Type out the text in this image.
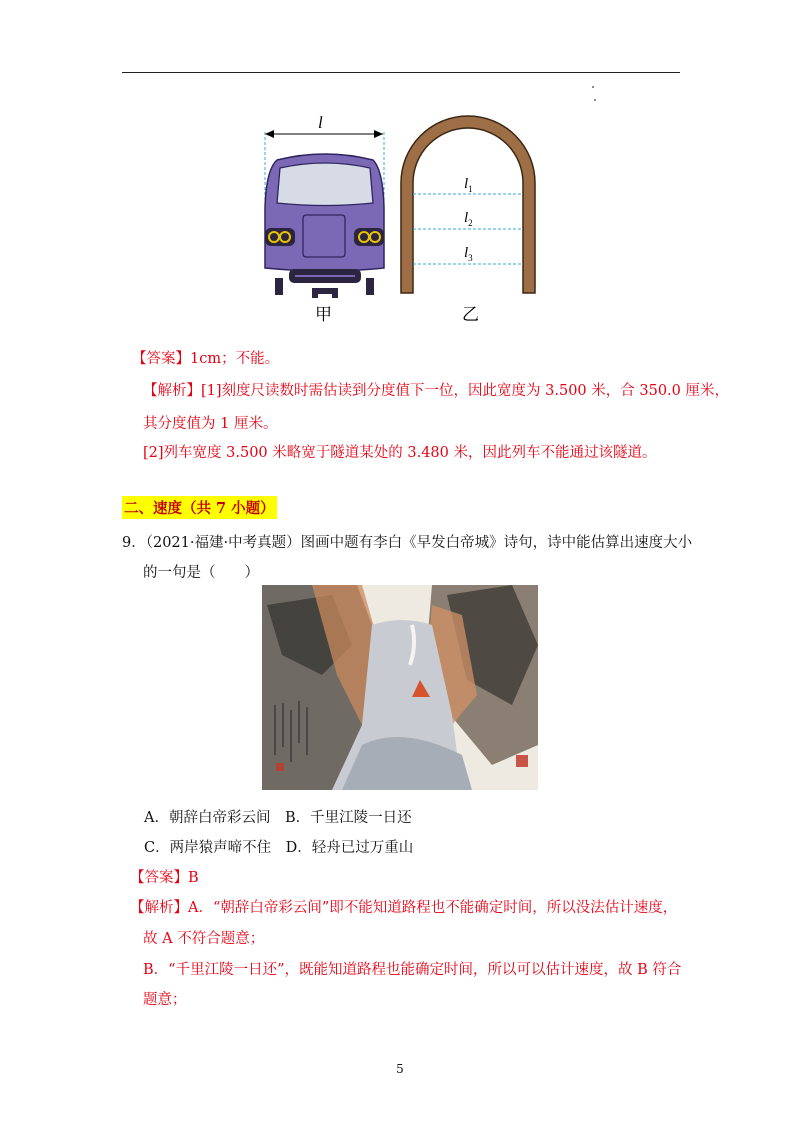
l
$l_1$
$l_2$
$l_3$
甲	乙
【答案】1cm；不能。
【解析】[1]刻度尺读数时需估读到分度值下一位，因此宽度为 3.500 米，合 350.0 厘米，
其分度值为 1 厘米。
[2]列车宽度 3.500 米略宽于隧道某处的 3.480 米，因此列车不能通过该隧道。
二、速度（共 7 小题）
9．（2021·福建·中考真题）图画中题有李白《早发白帝城》诗句，诗中能估算出速度大小
的一句是（　　）
A．朝辞白帝彩云间　B．千里江陵一日还
C．两岸猿声啼不住　D．轻舟已过万重山
【答案】B
【解析】A．“朝辞白帝彩云间”即不能知道路程也不能确定时间，所以没法估计速度，
故 A 不符合题意；
B．“千里江陵一日还”，既能知道路程也能确定时间，所以可以估计速度，故 B 符合
题意；
5
